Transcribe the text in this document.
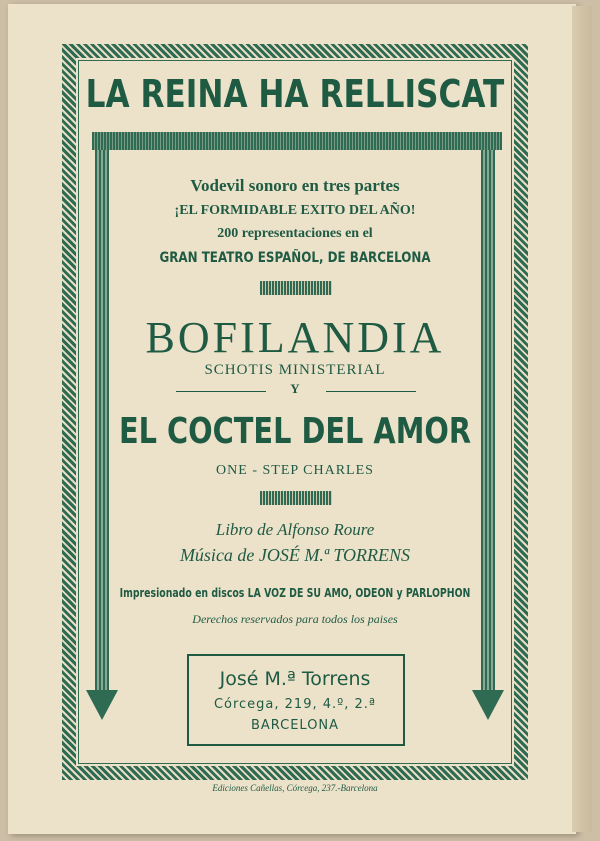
LA REINA HA RELLISCAT
Vodevil sonoro en tres partes
¡EL FORMIDABLE EXITO DEL AÑO!
200 representaciones en el
GRAN TEATRO ESPAÑOL, DE BARCELONA
BOFILANDIA
SCHOTIS MINISTERIAL
Y
EL COCTEL DEL AMOR
ONE - STEP CHARLES
Libro de Alfonso Roure
Música de JOSÉ M.ª TORRENS
Impresionado en discos LA VOZ DE SU AMO, ODEON y PARLOPHON
Derechos reservados para todos los paises
José M.ª Torrens
Córcega, 219, 4.º, 2.ª
BARCELONA
Ediciones Cañellas, Córcega, 237.-Barcelona
